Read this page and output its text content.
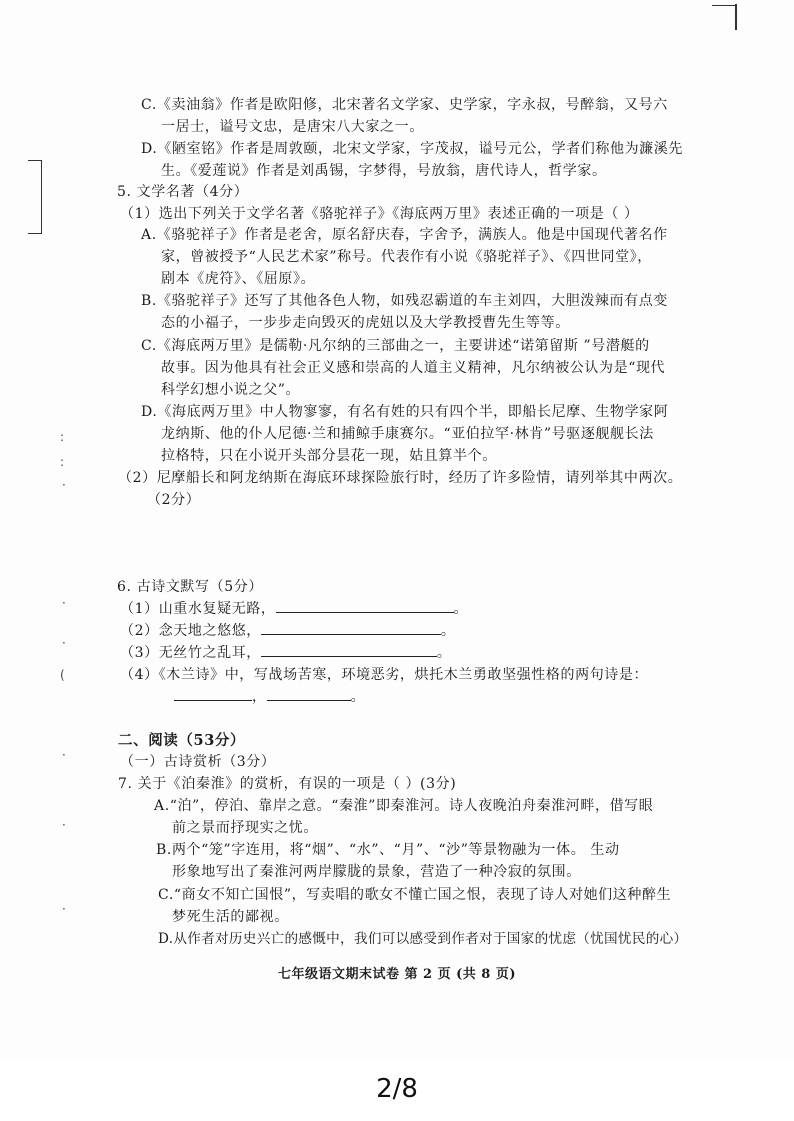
:
:
·
·
·
(
·
·
·
C.《卖油翁》作者是欧阳修，北宋著名文学家、史学家，字永叔，号醉翁，又号六
一居士，谥号文忠，是唐宋八大家之一。
D.《陋室铭》作者是周敦颐，北宋文学家，字茂叔，谥号元公，学者们称他为濂溪先
生。《爱莲说》作者是刘禹锡，字梦得，号放翁，唐代诗人，哲学家。
5. 文学名著（4分）
（1）选出下列关于文学名著《骆驼祥子》《海底两万里》表述正确的一项是（ ）
A.《骆驼祥子》作者是老舍，原名舒庆春，字舍予，满族人。他是中国现代著名作
家，曾被授予“人民艺术家”称号。代表作有小说《骆驼祥子》、《四世同堂》，
剧本《虎符》、《屈原》。
B.《骆驼祥子》还写了其他各色人物，如残忍霸道的车主刘四，大胆泼辣而有点变
态的小福子，一步步走向毁灭的虎妞以及大学教授曹先生等等。
C.《海底两万里》是儒勒·凡尔纳的三部曲之一，主要讲述“诺第留斯 ”号潜艇的
故事。因为他具有社会正义感和崇高的人道主义精神，凡尔纳被公认为是“现代
科学幻想小说之父”。
D.《海底两万里》中人物寥寥，有名有姓的只有四个半，即船长尼摩、生物学家阿
龙纳斯、他的仆人尼德·兰和捕鲸手康赛尔。“亚伯拉罕·林肯”号驱逐舰舰长法
拉格特，只在小说开头部分昙花一现，姑且算半个。
（2）尼摩船长和阿龙纳斯在海底环球探险旅行时，经历了许多险情，请列举其中两次。
（2分）
6. 古诗文默写（5分）
（1）山重水复疑无路，	。
（2）念天地之悠悠，	。
（3）无丝竹之乱耳，	。
（4）《木兰诗》中，写战场苦寒，环境恶劣，烘托木兰勇敢坚强性格的两句诗是：
，	。
二、阅读（53分）
（一）古诗赏析（3分）
7. 关于《泊秦淮》的赏析，有误的一项是（ ）(3分)
A.“泊”，停泊、靠岸之意。“秦淮”即秦淮河。诗人夜晚泊舟秦淮河畔，借写眼
前之景而抒现实之忧。
B.两个“笼”字连用，将“烟”、“水”、“月”、“沙”等景物融为一体。 生动
形象地写出了秦淮河两岸朦胧的景象，营造了一种冷寂的氛围。
C.“商女不知亡国恨”，写卖唱的歌女不懂亡国之恨，表现了诗人对她们这种醉生
梦死生活的鄙视。
D.从作者对历史兴亡的感慨中，我们可以感受到作者对于国家的忧虑（忧国忧民的心）
七年级语文期末试卷 第 2 页 (共 8 页)
2/8
